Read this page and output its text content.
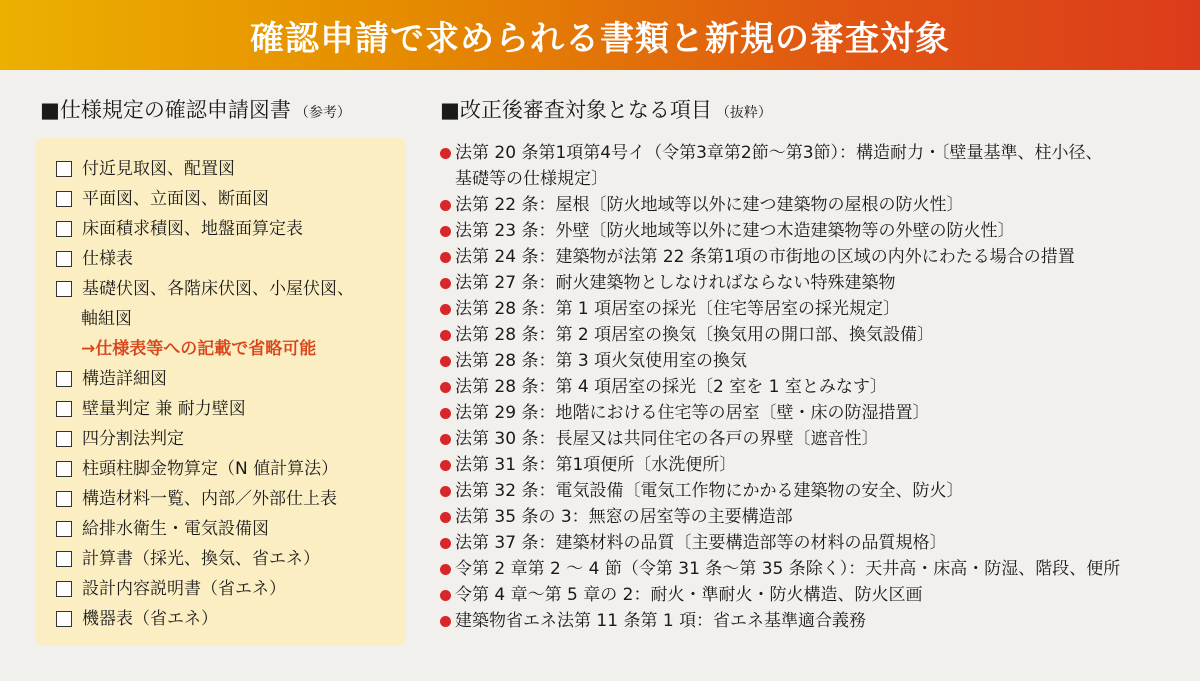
確認申請で求められる書類と新規の審査対象
■仕様規定の確認申請図書 （参考）	■改正後審査対象となる項目 （抜粋）
付近見取図、配置図
平面図、立面図、断面図
床面積求積図、地盤面算定表
仕様表
基礎伏図、各階床伏図、小屋伏図、
軸組図
→仕様表等への記載で省略可能
構造詳細図
壁量判定 兼 耐力壁図
四分割法判定
柱頭柱脚金物算定（N 値計算法）
構造材料一覧、内部／外部仕上表
給排水衛生・電気設備図
計算書（採光、換気、省エネ）
設計内容説明書（省エネ）
機器表（省エネ）
法第 20 条第1項第4号イ（令第3章第2節～第3節）：構造耐力・〔壁量基準、柱小径、
基礎等の仕様規定〕
法第 22 条：屋根〔防火地域等以外に建つ建築物の屋根の防火性〕
法第 23 条：外壁〔防火地域等以外に建つ木造建築物等の外壁の防火性〕
法第 24 条：建築物が法第 22 条第1項の市街地の区域の内外にわたる場合の措置
法第 27 条：耐火建築物としなければならない特殊建築物
法第 28 条：第 1 項居室の採光〔住宅等居室の採光規定〕
法第 28 条：第 2 項居室の換気〔換気用の開口部、換気設備〕
法第 28 条：第 3 項火気使用室の換気
法第 28 条：第 4 項居室の採光〔2 室を 1 室とみなす〕
法第 29 条：地階における住宅等の居室〔壁・床の防湿措置〕
法第 30 条：長屋又は共同住宅の各戸の界壁〔遮音性〕
法第 31 条：第1項便所〔水洗便所〕
法第 32 条：電気設備〔電気工作物にかかる建築物の安全、防火〕
法第 35 条の 3：無窓の居室等の主要構造部
法第 37 条：建築材料の品質〔主要構造部等の材料の品質規格〕
令第 2 章第 2 ～ 4 節（令第 31 条～第 35 条除く）：天井高・床高・防湿、階段、便所
令第 4 章～第 5 章の 2：耐火・準耐火・防火構造、防火区画
建築物省エネ法第 11 条第 1 項：省エネ基準適合義務
